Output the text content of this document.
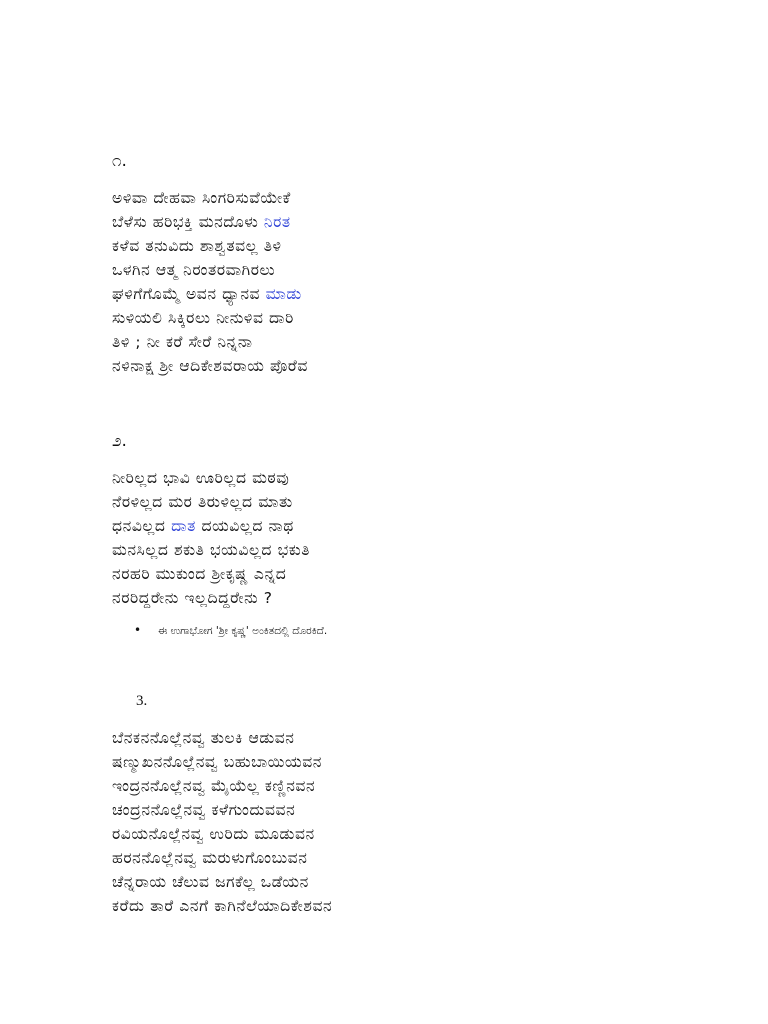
೧.
ಅಳಿವಾ ದೇಹವಾ ಸಿಂಗರಿಸುವೆಯೇಕೆ
ಬೆಳೆಸು ಹರಿಭಕ್ತಿ ಮನದೊಳು ನಿರತ
ಕಳೆವ ತನುವಿದು ಶಾಶ್ವತವಲ್ಲ ತಿಳಿ
ಒಳಗಿನ ಆತ್ಮ ನಿರಂತರವಾಗಿರಲು
ಘಳಿಗೆಗೊಮ್ಮೆ ಅವನ ಧ್ಯಾನವ ಮಾಡು
ಸುಳಿಯಲಿ ಸಿಕ್ಕಿರಲು ನೀನುಳಿವ ದಾರಿ
ತಿಳಿ ; ನೀ ಕರೆ ಸೇರೆ ನಿನ್ನನಾ
ನಳಿನಾಕ್ಷ ಶ್ರೀ ಆದಿಕೇಶವರಾಯ ಪೊರೆವ
೨.
ನೀರಿಲ್ಲದ ಭಾವಿ ಊರಿಲ್ಲದ ಮಠವು
ನೆರಳಿಲ್ಲದ ಮರ ತಿರುಳಿಲ್ಲದ ಮಾತು
ಧನವಿಲ್ಲದ ದಾತ ದಯವಿಲ್ಲದ ನಾಥ
ಮನಸಿಲ್ಲದ ಶಕುತಿ ಭಯವಿಲ್ಲದ ಭಕುತಿ
ನರಹರಿ ಮುಕುಂದ ಶ್ರೀಕೃಷ್ಣ ಎನ್ನದ
ನರರಿದ್ದರೇನು ಇಲ್ಲದಿದ್ದರೇನು ?
• ಈ ಉಗಾಭೋಗ 'ಶ್ರೀ ಕೃಷ್ಣ' ಅಂಕಿತದಲ್ಲಿ ದೊರಕಿದೆ.
3.
ಬೆನಕನನೊಲ್ಲೆನವ್ವ ತುಲಕಿ ಆಡುವನ
ಷಣ್ಮುಖನನೊಲ್ಲೆನವ್ವ ಬಹುಬಾಯಿಯವನ
ಇಂದ್ರನನೊಲ್ಲೆನವ್ವ ಮೈಯೆಲ್ಲ ಕಣ್ಣಿನವನ
ಚಂದ್ರನನೊಲ್ಲೆನವ್ವ ಕಳೆಗುಂದುವವನ
ರವಿಯನೊಲ್ಲೆನವ್ವ ಉರಿದು ಮೂಡುವನ
ಹರನನೊಲ್ಲೆನವ್ವ ಮರುಳುಗೊಂಬುವನ
ಚೆನ್ನರಾಯ ಚೆಲುವ ಜಗಕೆಲ್ಲ ಒಡೆಯನ
ಕರೆದು ತಾರೆ ಎನಗೆ ಕಾಗಿನೆಲೆಯಾದಿಕೇಶವನ
